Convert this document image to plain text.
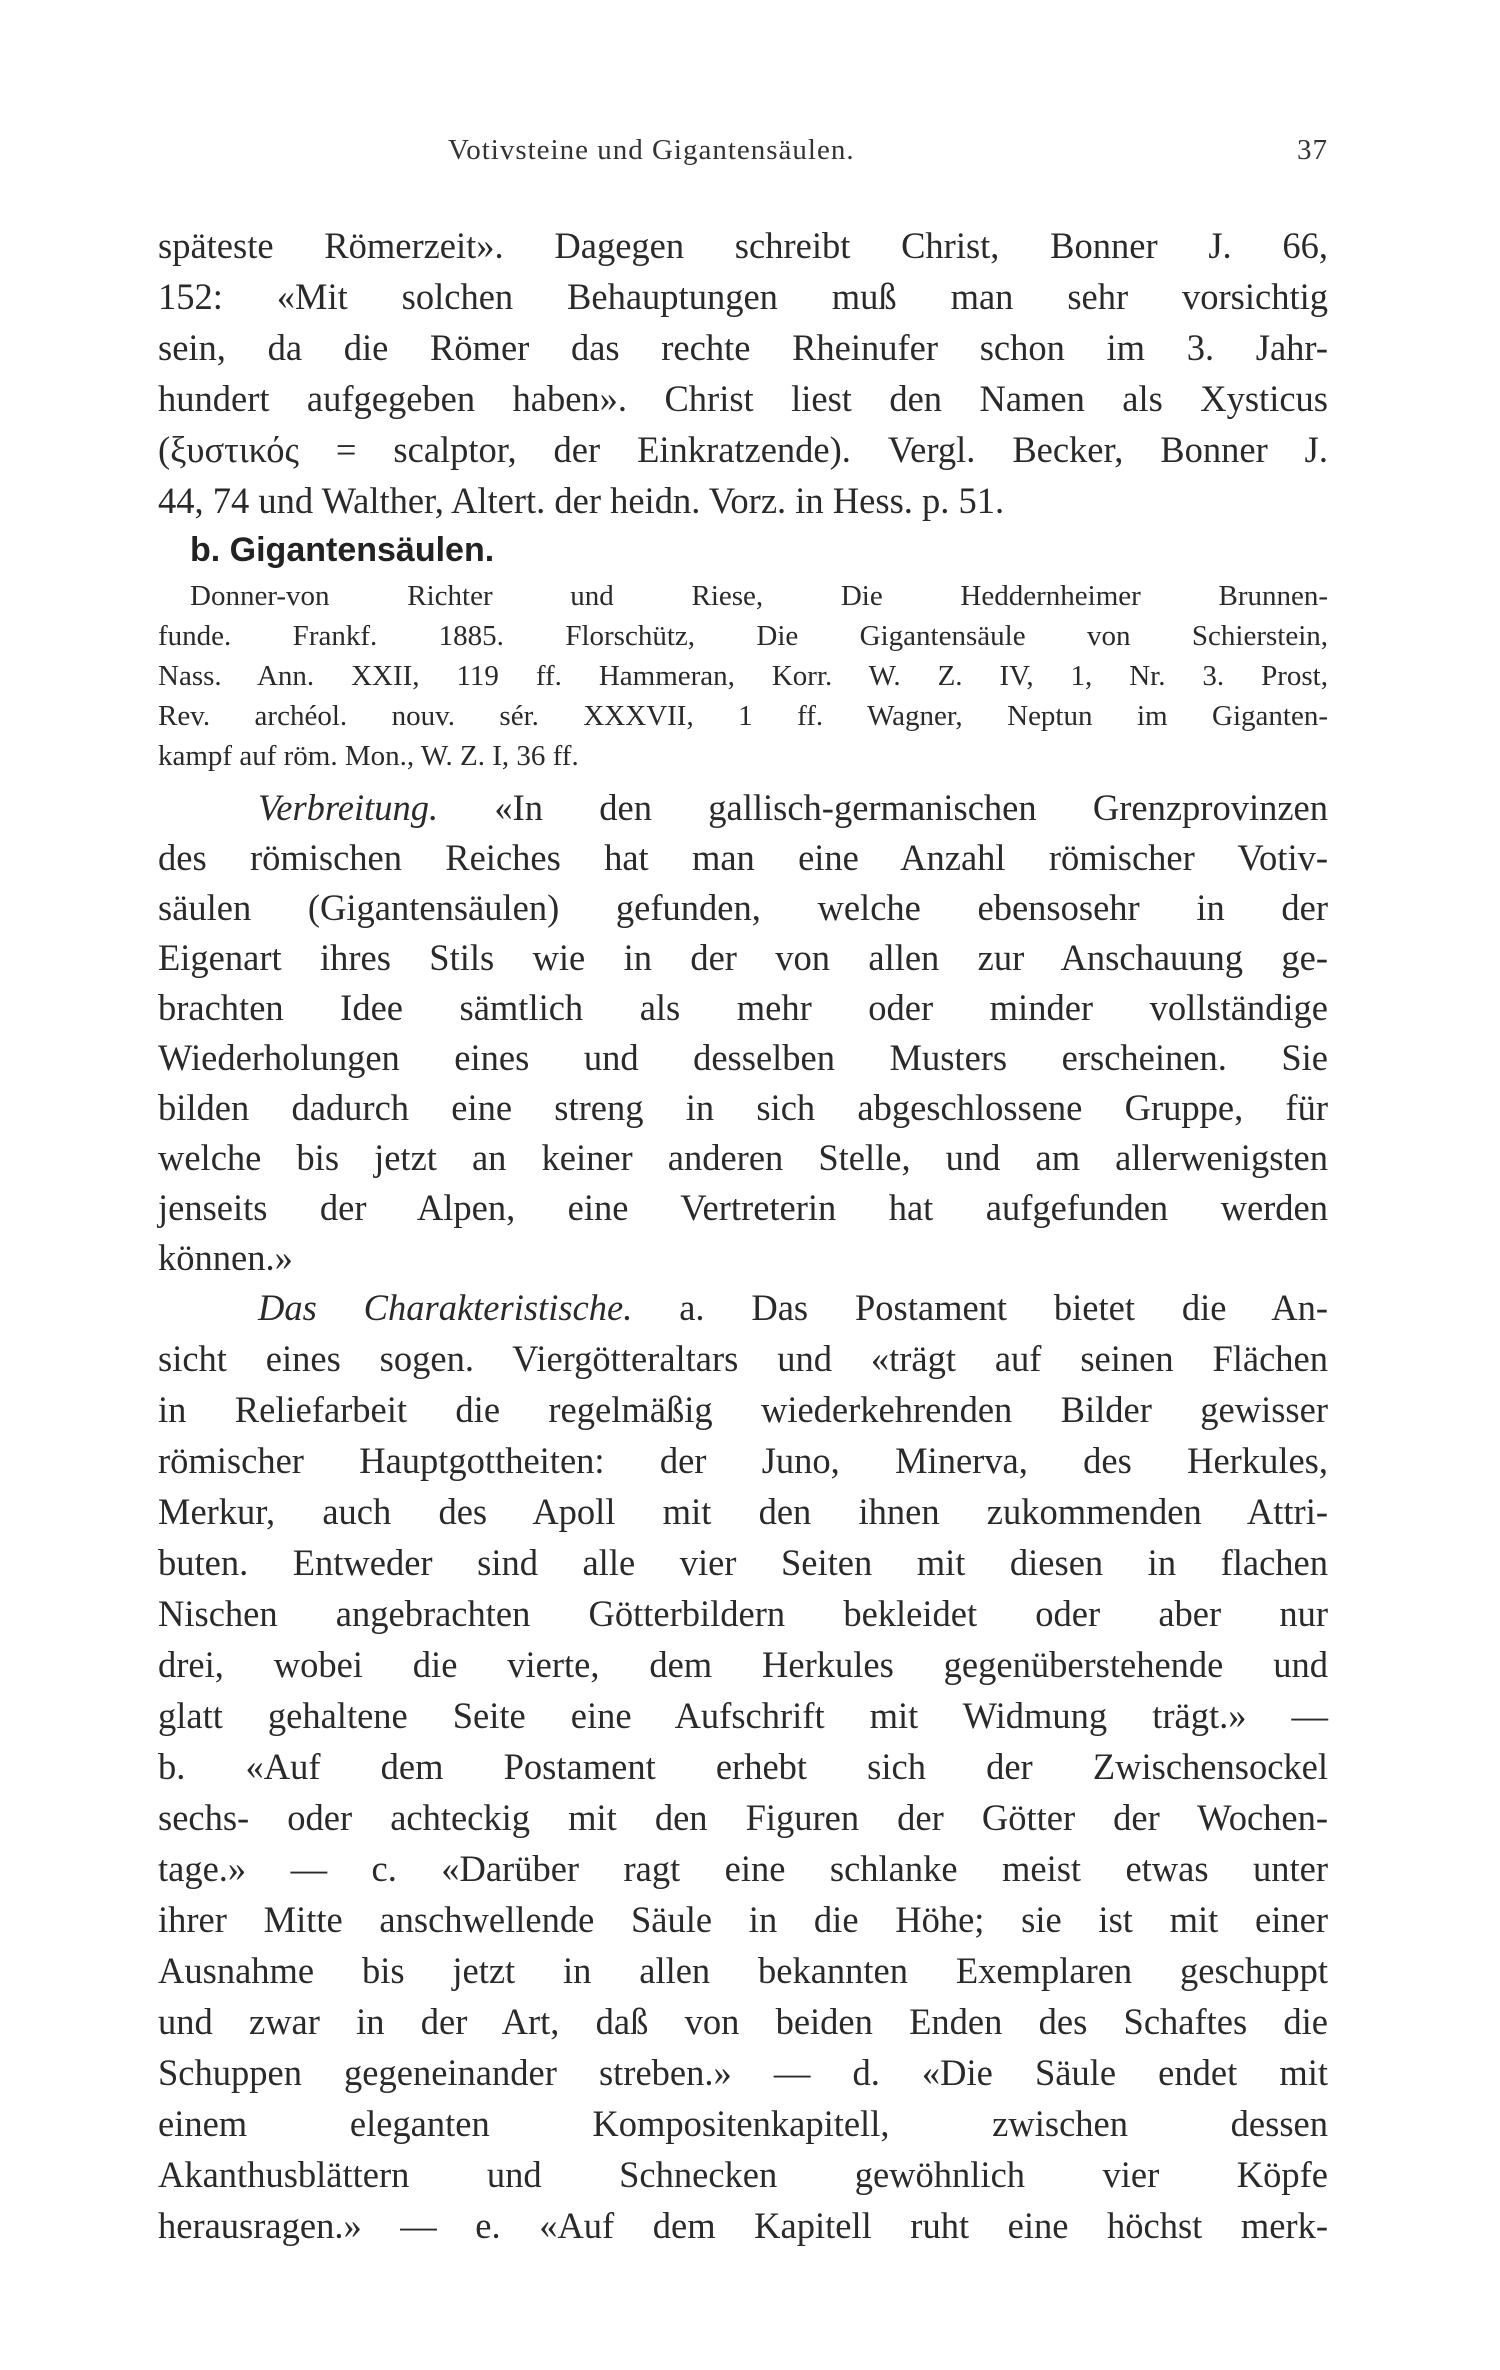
Votivsteine und Gigantensäulen.	37
späteste Römerzeit». Dagegen schreibt Christ, Bonner J. 66,
152: «Mit solchen Behauptungen muß man sehr vorsichtig
sein, da die Römer das rechte Rheinufer schon im 3. Jahr-
hundert aufgegeben haben». Christ liest den Namen als Xysticus
(ξυστικός = scalptor, der Einkratzende). Vergl. Becker, Bonner J.
44, 74 und Walther, Altert. der heidn. Vorz. in Hess. p. 51.
b. Gigantensäulen.
Donner-von Richter und Riese, Die Heddernheimer Brunnen-
funde. Frankf. 1885. Florschütz, Die Gigantensäule von Schierstein,
Nass. Ann. XXII, 119 ff. Hammeran, Korr. W. Z. IV, 1, Nr. 3. Prost,
Rev. archéol. nouv. sér. XXXVII, 1 ff. Wagner, Neptun im Giganten-
kampf auf röm. Mon., W. Z. I, 36 ff.
Verbreitung. «In den gallisch-germanischen Grenzprovinzen
des römischen Reiches hat man eine Anzahl römischer Votiv-
säulen (Gigantensäulen) gefunden, welche ebensosehr in der
Eigenart ihres Stils wie in der von allen zur Anschauung ge-
brachten Idee sämtlich als mehr oder minder vollständige
Wiederholungen eines und desselben Musters erscheinen. Sie
bilden dadurch eine streng in sich abgeschlossene Gruppe, für
welche bis jetzt an keiner anderen Stelle, und am allerwenigsten
jenseits der Alpen, eine Vertreterin hat aufgefunden werden
können.»
Das Charakteristische. a. Das Postament bietet die An-
sicht eines sogen. Viergötteraltars und «trägt auf seinen Flächen
in Reliefarbeit die regelmäßig wiederkehrenden Bilder gewisser
römischer Hauptgottheiten: der Juno, Minerva, des Herkules,
Merkur, auch des Apoll mit den ihnen zukommenden Attri-
buten. Entweder sind alle vier Seiten mit diesen in flachen
Nischen angebrachten Götterbildern bekleidet oder aber nur
drei, wobei die vierte, dem Herkules gegenüberstehende und
glatt gehaltene Seite eine Aufschrift mit Widmung trägt.» —
b. «Auf dem Postament erhebt sich der Zwischensockel
sechs- oder achteckig mit den Figuren der Götter der Wochen-
tage.» — c. «Darüber ragt eine schlanke meist etwas unter
ihrer Mitte anschwellende Säule in die Höhe; sie ist mit einer
Ausnahme bis jetzt in allen bekannten Exemplaren geschuppt
und zwar in der Art, daß von beiden Enden des Schaftes die
Schuppen gegeneinander streben.» — d. «Die Säule endet mit
einem eleganten Kompositenkapitell, zwischen dessen
Akanthusblättern und Schnecken gewöhnlich vier Köpfe
herausragen.» — e. «Auf dem Kapitell ruht eine höchst merk-
